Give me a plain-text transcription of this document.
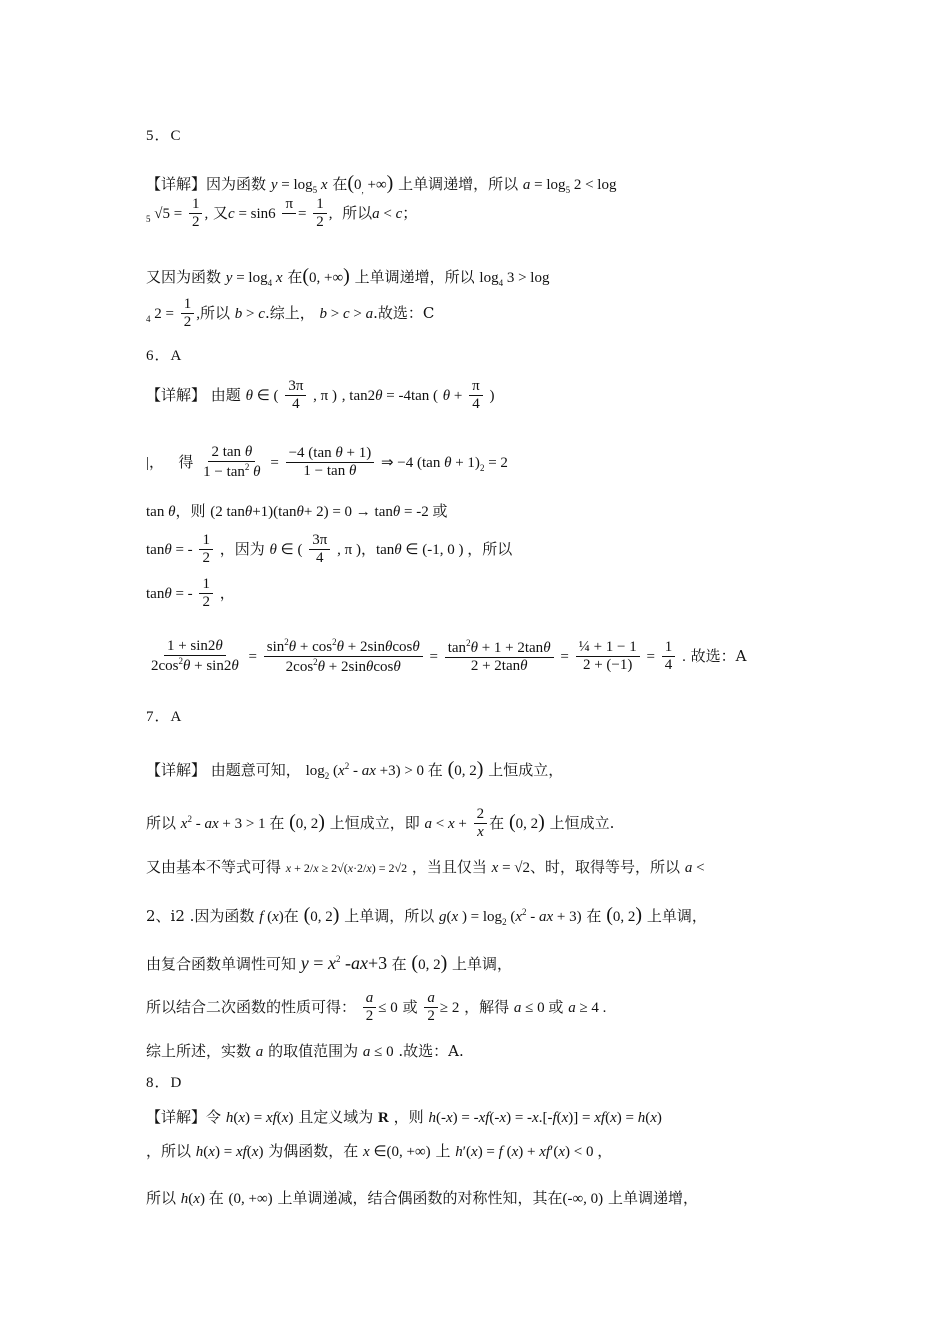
5．C
【详解】因为函数 $y = \log_5 x$ 在($0_,$ +∞) 上单调递增，所以 $a = \log_5 2 < \log$
$_5$ $√5 = \frac{1}{2}$ , 又c = sin6
π

= $\frac{1}{2}$ , 所以a < c；
又因为函数 $y = \log_4 x$ 在(0, +∞) 上单调递增，所以 $\log_4 3 > \log$
$_4$ $2 = \frac{1}{2}$ ,所以 b > c.综上， b > c > a.故选：C
6．A
【详解】 由题 θ ∈ ( $\frac{3\pi}{4}$ , π ) , tan2θ = -4tan ( $\theta + \frac{\pi}{4}$ )
|， 得 $\frac{\text{2 tan θ}}{1 - \tan^2 \theta} = \frac{\text{−4 (tan θ + 1)}}{\text{1 − tan θ}}$ ⇒ −4 (tan $\theta + 1)_2 = 2$
tan θ，则 (2 tanθ+1)(tanθ+ 2) = 0 → tanθ = -2 或
tanθ = - $\frac{1}{2}$ ，因为 θ ∈ ( $\frac{3\pi}{4}$ , π )，tanθ ∈ (-1, 0 ) ，所以
tanθ = - $\frac{1}{2}$ ，
$\frac{1 + \sin 2\theta}{2\cos^2\theta + \sin 2\theta} = \frac{\sin^2\theta + \cos^2\theta + 2\sin\theta\cos\theta}{2\cos^2\theta + 2\sin\theta\cos\theta} = \frac{\tan^2\theta + 1 + 2\tan\theta}{2 + 2\tan\theta} = \frac{\text{¼ + 1 − 1}}{2 + (-1)} = \frac{1}{4}$ . 故选：A
7．A
【详解】 由题意可知， $\log_2 (x^2$ - ax +3) > 0 在 (0, 2) 上恒成立，
所以 $x^2$ - ax + 3 > 1 在 (0, 2) 上恒成立，即 $a < x + \frac{2}{x}$ 在 (0, 2) 上恒成立.
又由基本不等式可得 x + 2/x ≥ 2√(x·2/x) = 2√2 ，当且仅当 x = √2、时，取得等号，所以 a <
2、i2 .因为函数 f (x)在 (0, 2) 上单调，所以 g(x ) = $\log_2 (x^2$ - ax + 3) 在 (0, 2) 上单调，
由复合函数单调性可知 $y = x^2$ -ax+3 在 (0, 2) 上单调，
所以结合二次函数的性质可得： $\frac{a}{2} \le 0$ 或 $\frac{a}{2} \ge 2$ ，解得 a ≤ 0 或 a ≥ 4 .
综上所述，实数 a 的取值范围为 a ≤ 0 .故选：A.
8．D
【详解】令 h(x) = xf(x) 且定义域为 R ，则 h(-x) = -xf(-x) = -x.[-f(x)] = xf(x) = h(x)
，所以 h(x) = xf(x) 为偶函数，在 x ∈(0, +∞) 上 h′(x) = f (x) + xf′(x) < 0 ，
所以 h(x) 在 (0, +∞) 上单调递减，结合偶函数的对称性知，其在(-∞, 0) 上单调递增，
